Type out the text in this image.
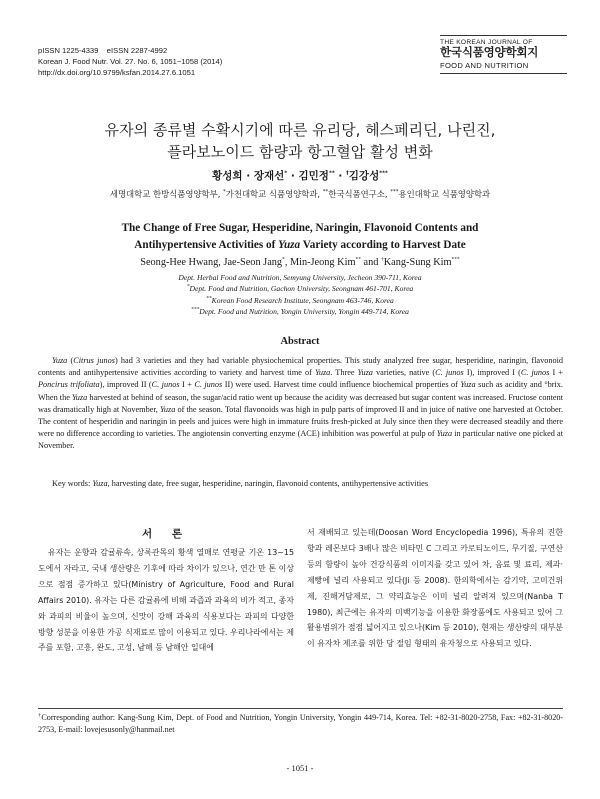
pISSN 1225-4339    eISSN 2287-4992
Korean J. Food Nutr. Vol. 27. No. 6, 1051~1058 (2014)
http://dx.doi.org/10.9799/ksfan.2014.27.6.1051
THE KOREAN JOURNAL OF
한국식품영양학회지
FOOD AND NUTRITION
유자의 종류별 수확시기에 따른 유리당, 헤스페리딘, 나린진,
플라보노이드 함량과 항고혈압 활성 변화
황성희 · 장재선* · 김민정** · †김강성***
세명대학교 한방식품영양학부, *가천대학교 식품영양학과, **한국식품연구소, ***용인대학교 식품영양학과
The Change of Free Sugar, Hesperidine, Naringin, Flavonoid Contents and
Antihypertensive Activities of Yuza Variety according to Harvest Date
Seong-Hee Hwang, Jae-Seon Jang*, Min-Jeong Kim** and †Kang-Sung Kim***
Dept. Herbal Food and Nutrition, Semyung University, Jecheon 390-711, Korea
*Dept. Food and Nutrition, Gachon University, Seongnam 461-701, Korea
**Korean Food Research Institute, Seongnam 463-746, Korea
***Dept. Food and Nutrition, Yongin University, Yongin 449-714, Korea
Abstract

Yuza (Citrus junos) had 3 varieties and they had variable physiochemical properties. This study analyzed free sugar, hesperidine, naringin, flavonoid contents and antihypertensive activities according to variety and harvest time of Yuza. Three Yuza varieties, native (C. junos I), improved I (C. junos I + Poncirus trifoliata), improved II (C. junos I + C. junos II) were used. Harvest time could influence biochemical properties of Yuza such as acidity and °brix. When the Yuza harvested at behind of season, the sugar/acid ratio went up because the acidity was decreased but sugar content was increased. Fructose content was dramatically high at November, Yuza of the season. Total flavonoids was high in pulp parts of improved II and in juice of native one harvested at October. The content of hesperidin and naringin in peels and juices were high in immature fruits fresh-picked at July since then they were decreased steadily and there were no difference according to varieties. The angiotensin converting enzyme (ACE) inhibition was powerful at pulp of Yuza in particular native one picked at November.

Key words: Yuza, harvesting date, free sugar, hesperidine, naringin, flavonoid contents, antihypertensive activities
서 론

유자는 운향과 감귤류속, 상록관목의 황색 열매로 연평균 기온 13~15도에서 자라고, 국내 생산량은 기후에 따라 차이가 있으나, 연간 만 톤 이상으로 점점 증가하고 있다(Ministry of Agriculture, Food and Rural Affairs 2010). 유자는 다른 감귤류에 비해 과즙과 과육의 비가 적고, 종자와 과피의 비율이 높으며, 신맛이 강해 과육의 식용보다는 과피의 다양한 방향 성분을 이용한 가공 식재료로 많이 이용되고 있다. 우리나라에서는 제주를 포함, 고흥, 완도, 고성, 남해 등 남해안 일대에

서 재배되고 있는데(Doosan Word Encyclopedia 1996), 특유의 진한 향과 레몬보다 3배나 많은 비타민 C 그리고 카로티노이드, 무기질, 구연산 등의 함량이 높아 건강식품의 이미지를 갖고 있어 차, 음료 및 료리, 제과·제빵에 널리 사용되고 있다(Ji 등 2008). 한의학에서는 감기약, 고미건위제, 진해거담제로, 그 약리효능은 이미 널리 알려져 있으며(Nanba T 1980), 최근에는 유자의 미백기능을 이용한 화장품에도 사용되고 있어 그 활용범위가 점점 넓어지고 있으나(Kim 등 2010), 현재는 생산량의 대부분이 유자차 제조를 위한 당 절임 형태의 유자청으로 사용되고 있다.

†Corresponding author: Kang-Sung Kim, Dept. of Food and Nutrition, Yongin University, Yongin 449-714, Korea. Tel: +82-31-8020-2758, Fax: +82-31-8020-2753, E-mail: lovejesusonly@hanmail.net
- 1051 -
